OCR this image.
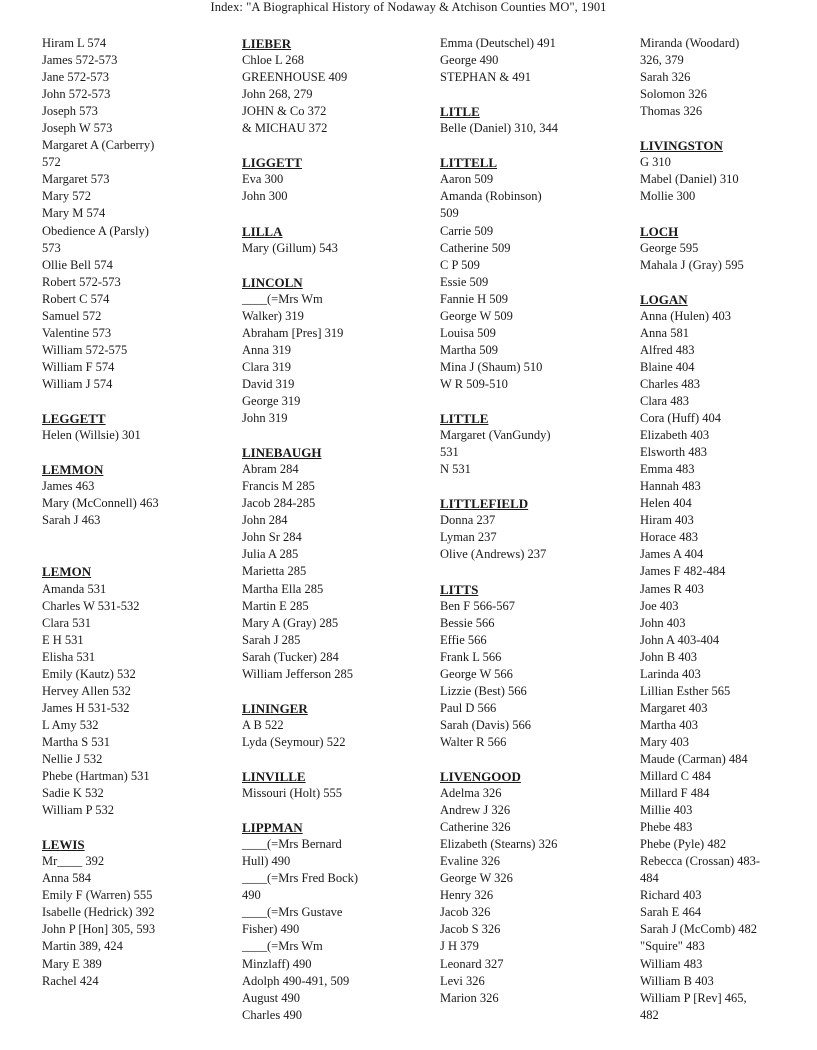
Index: "A Biographical History of Nodaway & Atchison Counties MO", 1901
Hiram L 574
James 572-573
Jane 572-573
John 572-573
Joseph 573
Joseph W 573
Margaret A (Carberry)
572
Margaret 573
Mary 572
Mary M 574
Obedience A (Parsly)
573
Ollie Bell 574
Robert 572-573
Robert C 574
Samuel 572
Valentine 573
William 572-575
William F 574
William J 574
LEGGETT
Helen (Willsie) 301
LEMMON
James 463
Mary (McConnell) 463
Sarah J 463
LEMON
Amanda 531
Charles W 531-532
Clara 531
E H 531
Elisha 531
Emily (Kautz) 532
Hervey Allen 532
James H 531-532
L Amy 532
Martha S 531
Nellie J 532
Phebe (Hartman) 531
Sadie K 532
William P 532
LEWIS
Mr____ 392
Anna 584
Emily F (Warren) 555
Isabelle (Hedrick) 392
John P [Hon] 305, 593
Martin 389, 424
Mary E 389
Rachel 424
LIEBER
Chloe L 268
GREENHOUSE 409
John 268, 279
JOHN & Co 372
& MICHAU 372
LIGGETT
Eva 300
John 300
LILLA
Mary (Gillum) 543
LINCOLN
____(=Mrs Wm
Walker) 319
Abraham [Pres] 319
Anna 319
Clara 319
David 319
George 319
John 319
LINEBAUGH
Abram 284
Francis M 285
Jacob 284-285
John 284
John Sr 284
Julia A 285
Marietta 285
Martha Ella 285
Martin E 285
Mary A (Gray) 285
Sarah J 285
Sarah (Tucker) 284
William Jefferson 285
LININGER
A B 522
Lyda (Seymour) 522
LINVILLE
Missouri (Holt) 555
LIPPMAN
____(=Mrs Bernard
Hull) 490
____(=Mrs Fred Bock)
490
____(=Mrs Gustave
Fisher) 490
____(=Mrs Wm
Minzlaff) 490
Adolph 490-491, 509
August 490
Charles 490
Emma (Deutschel) 491
George 490
STEPHAN & 491
LITLE
Belle (Daniel) 310, 344
LITTELL
Aaron 509
Amanda (Robinson)
509
Carrie 509
Catherine 509
C P 509
Essie 509
Fannie H 509
George W 509
Louisa 509
Martha 509
Mina J (Shaum) 510
W R 509-510
LITTLE
Margaret (VanGundy)
531
N 531
LITTLEFIELD
Donna 237
Lyman 237
Olive (Andrews) 237
LITTS
Ben F 566-567
Bessie 566
Effie 566
Frank L 566
George W 566
Lizzie (Best) 566
Paul D 566
Sarah (Davis) 566
Walter R 566
LIVENGOOD
Adelma 326
Andrew J 326
Catherine 326
Elizabeth (Stearns) 326
Evaline 326
George W 326
Henry 326
Jacob 326
Jacob S 326
J H 379
Leonard 327
Levi 326
Marion 326
Miranda (Woodard)
326, 379
Sarah 326
Solomon 326
Thomas 326
LIVINGSTON
G 310
Mabel (Daniel) 310
Mollie 300
LOCH
George 595
Mahala J (Gray) 595
LOGAN
Anna (Hulen) 403
Anna 581
Alfred 483
Blaine 404
Charles 483
Clara 483
Cora (Huff) 404
Elizabeth 403
Elsworth 483
Emma 483
Hannah 483
Helen 404
Hiram 403
Horace 483
James A 404
James F 482-484
James R 403
Joe 403
John 403
John A 403-404
John B 403
Larinda 403
Lillian Esther 565
Margaret 403
Martha 403
Mary 403
Maude (Carman) 484
Millard C 484
Millard F 484
Millie 403
Phebe 483
Phebe (Pyle) 482
Rebecca (Crossan) 483-
484
Richard 403
Sarah E 464
Sarah J (McComb) 482
"Squire" 483
William 483
William B 403
William P [Rev] 465,
482
